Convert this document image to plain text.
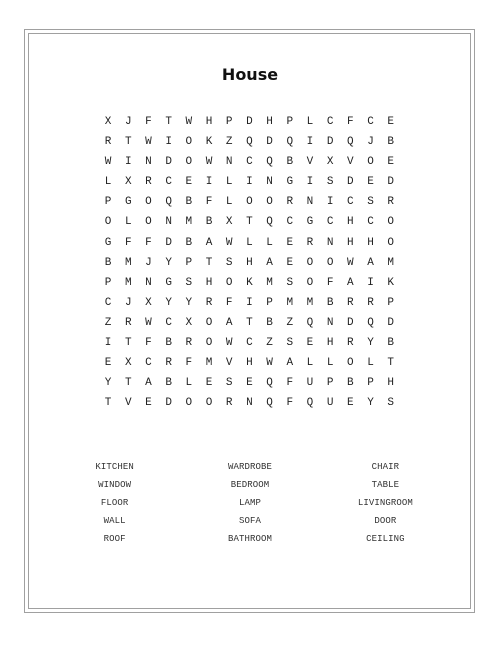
House
X	J	F	T	W	H	P	D	H	P	L	C	F	C	E
R	T	W	I	O	K	Z	Q	D	Q	I	D	Q	J	B
W	I	N	D	O	W	N	C	Q	B	V	X	V	O	E
L	X	R	C	E	I	L	I	N	G	I	S	D	E	D
P	G	O	Q	B	F	L	O	O	R	N	I	C	S	R
O	L	O	N	M	B	X	T	Q	C	G	C	H	C	O
G	F	F	D	B	A	W	L	L	E	R	N	H	H	O
B	M	J	Y	P	T	S	H	A	E	O	O	W	A	M
P	M	N	G	S	H	O	K	M	S	O	F	A	I	K
C	J	X	Y	Y	R	F	I	P	M	M	B	R	R	P
Z	R	W	C	X	O	A	T	B	Z	Q	N	D	Q	D
I	T	F	B	R	O	W	C	Z	S	E	H	R	Y	B
E	X	C	R	F	M	V	H	W	A	L	L	O	L	T
Y	T	A	B	L	E	S	E	Q	F	U	P	B	P	H
T	V	E	D	O	O	R	N	Q	F	Q	U	E	Y	S
KITCHEN	WARDROBE	CHAIR
WINDOW	BEDROOM	TABLE
FLOOR	LAMP	LIVINGROOM
WALL	SOFA	DOOR
ROOF	BATHROOM	CEILING
